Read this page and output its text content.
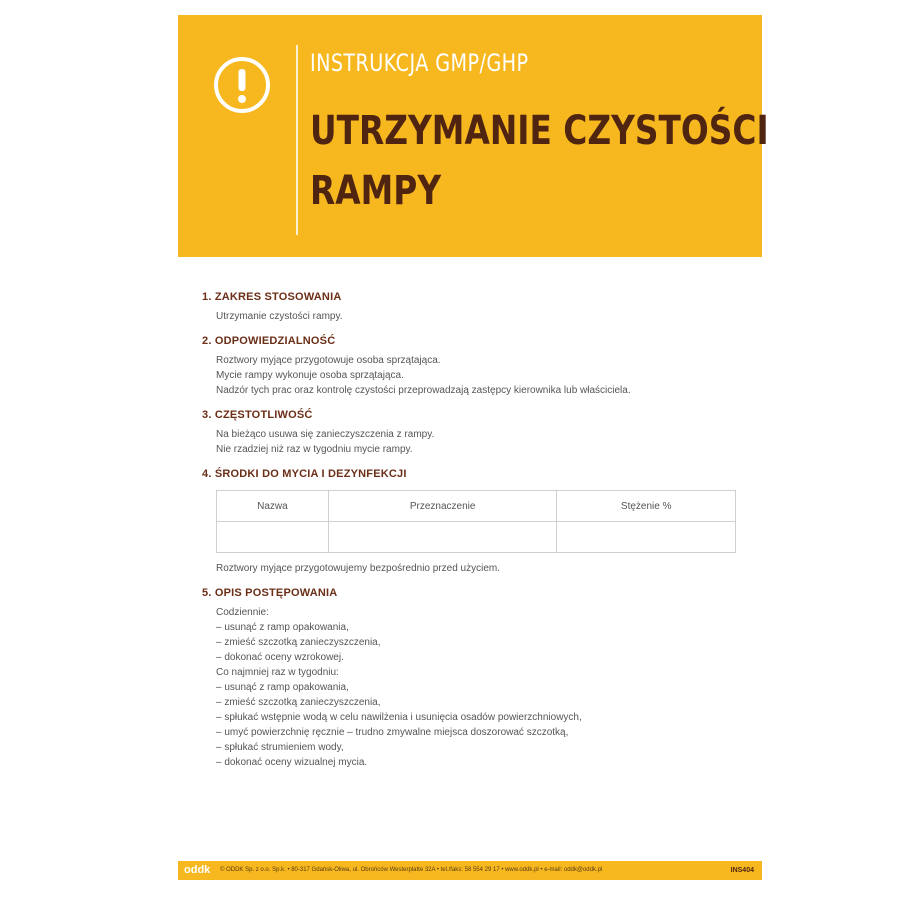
INSTRUKCJA GMP/GHP
UTRZYMANIE CZYSTOŚCI
RAMPY

1. ZAKRES STOSOWANIA

Utrzymanie czystości rampy.

2. ODPOWIEDZIALNOŚĆ

Roztwory myjące przygotowuje osoba sprzątająca.
Mycie rampy wykonuje osoba sprzątająca.
Nadzór tych prac oraz kontrolę czystości przeprowadzają zastępcy kierownika lub właściciela.

3. CZĘSTOTLIWOŚĆ

Na bieżąco usuwa się zanieczyszczenia z rampy.
Nie rzadziej niż raz w tygodniu mycie rampy.

4. ŚRODKI DO MYCIA I DEZYNFEKCJI

Nazwa	Przeznaczenie	Stężenie %

Roztwory myjące przygotowujemy bezpośrednio przed użyciem.

5. OPIS POSTĘPOWANIA

Codziennie:
– usunąć z ramp opakowania,
– zmieść szczotką zanieczyszczenia,
– dokonać oceny wzrokowej.
Co najmniej raz w tygodniu:
– usunąć z ramp opakowania,
– zmieść szczotką zanieczyszczenia,
– spłukać wstępnie wodą w celu nawilżenia i usunięcia osadów powierzchniowych,
– umyć powierzchnię ręcznie – trudno zmywalne miejsca doszorować szczotką,
– spłukać strumieniem wody,
– dokonać oceny wizualnej mycia.
oddk © ODDK Sp. z o.o. Sp.k. • 80-317 Gdańsk-Oliwa, ul. Obrońców Westerplatte 32A • tel./faks: 58 554 29 17 • www.oddk.pl • e-mail: oddk@oddk.pl	INS404
